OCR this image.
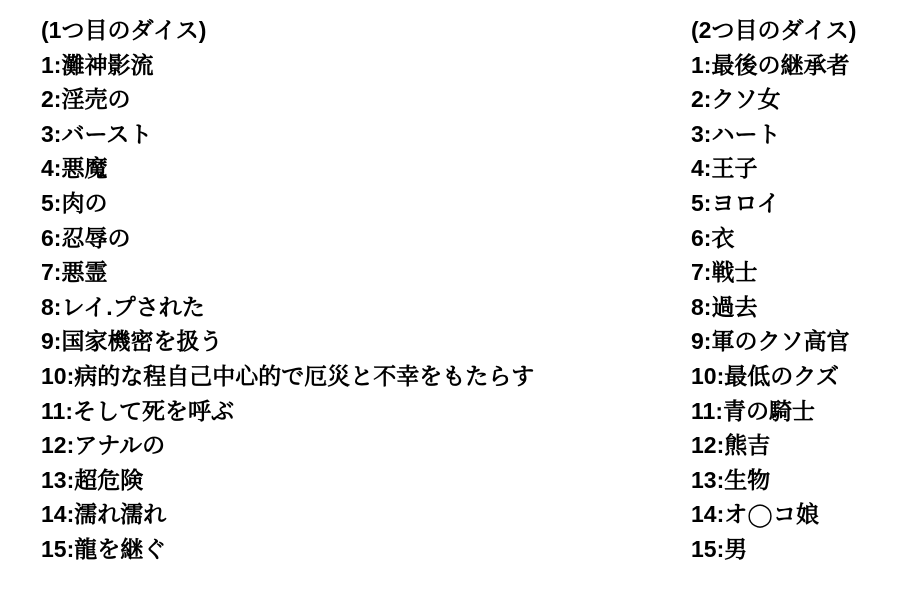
(1つ目のダイス)
1:灘神影流
2:淫売の
3:バースト
4:悪魔
5:肉の
6:忍辱の
7:悪霊
8:レイ.プされた
9:国家機密を扱う
10:病的な程自己中心的で厄災と不幸をもたらす
11:そして死を呼ぶ
12:アナルの
13:超危険
14:濡れ濡れ
15:龍を継ぐ
(2つ目のダイス)
1:最後の継承者
2:クソ女
3:ハート
4:王子
5:ヨロイ
6:衣
7:戦士
8:過去
9:軍のクソ高官
10:最低のクズ
11:青の騎士
12:熊吉
13:生物
14:オ◯コ娘
15:男
